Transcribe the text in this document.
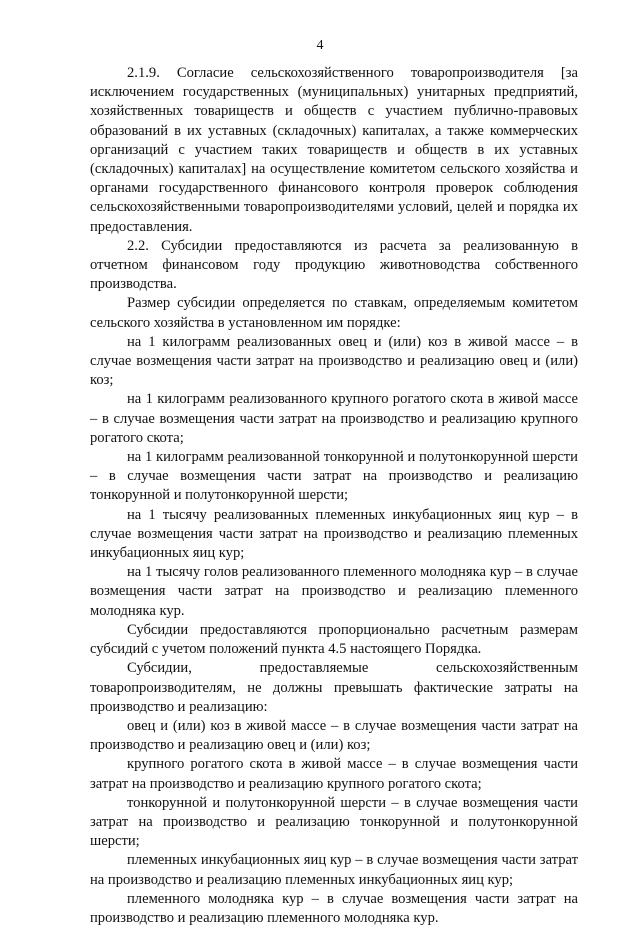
4

2.1.9. Согласие сельскохозяйственного товаропроизводителя [за исключением государственных (муниципальных) унитарных предприятий, хозяйственных товариществ и обществ с участием публично-правовых образований в их уставных (складочных) капиталах, а также коммерческих организаций с участием таких товариществ и обществ в их уставных (складочных) капиталах] на осуществление комитетом сельского хозяйства и органами государственного финансового контроля проверок соблюдения сельскохозяйственными товаропроизводителями условий, целей и порядка их предоставления.

2.2. Субсидии предоставляются из расчета за реализованную в отчетном финансовом году продукцию животноводства собственного производства.

Размер субсидии определяется по ставкам, определяемым комитетом сельского хозяйства в установленном им порядке:

на 1 килограмм реализованных овец и (или) коз в живой массе – в случае возмещения части затрат на производство и реализацию овец и (или) коз;

на 1 килограмм реализованного крупного рогатого скота в живой массе – в случае возмещения части затрат на производство и реализацию крупного рогатого скота;

на 1 килограмм реализованной тонкорунной и полутонкорунной шерсти – в случае возмещения части затрат на производство и реализацию тонкорунной и полутонкорунной шерсти;

на 1 тысячу реализованных племенных инкубационных яиц кур – в случае возмещения части затрат на производство и реализацию племенных инкубационных яиц кур;

на 1 тысячу голов реализованного племенного молодняка кур – в случае возмещения части затрат на производство и реализацию племенного молодняка кур.

Субсидии предоставляются пропорционально расчетным размерам субсидий с учетом положений пункта 4.5 настоящего Порядка.

Субсидии, предоставляемые сельскохозяйственным товаропроизводителям, не должны превышать фактические затраты на производство и реализацию:

овец и (или) коз в живой массе – в случае возмещения части затрат на производство и реализацию овец и (или) коз;

крупного рогатого скота в живой массе – в случае возмещения части затрат на производство и реализацию крупного рогатого скота;

тонкорунной и полутонкорунной шерсти – в случае возмещения части затрат на производство и реализацию тонкорунной и полутонкорунной шерсти;

племенных инкубационных яиц кур – в случае возмещения части затрат на производство и реализацию племенных инкубационных яиц кур;

племенного молодняка кур – в случае возмещения части затрат на производство и реализацию племенного молодняка кур.
